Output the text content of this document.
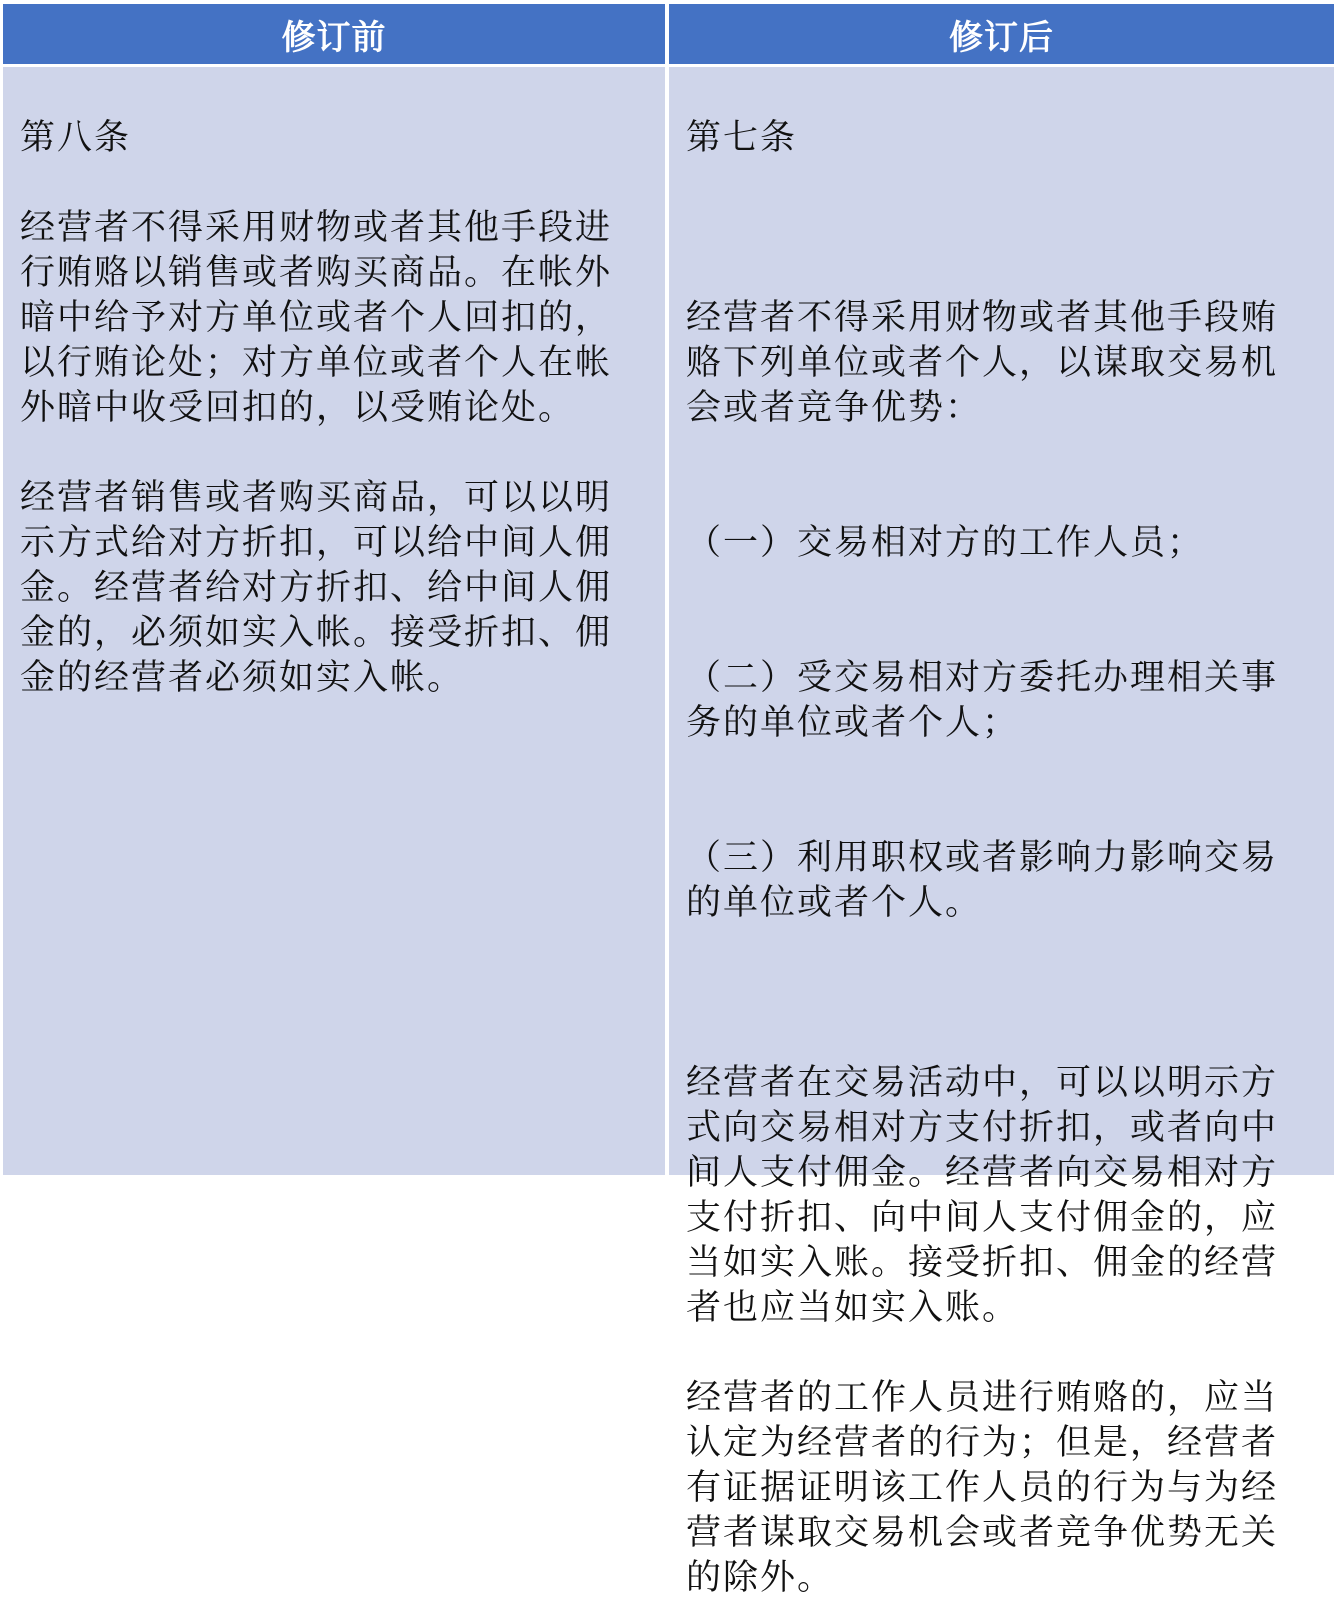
修订前	修订后

第八条

经营者不得采用财物或者其他手段进行贿赂以销售或者购买商品。在帐外暗中给予对方单位或者个人回扣的，以行贿论处；对方单位或者个人在帐外暗中收受回扣的，以受贿论处。

经营者销售或者购买商品，可以以明示方式给对方折扣，可以给中间人佣金。经营者给对方折扣、给中间人佣金的，必须如实入帐。接受折扣、佣金的经营者必须如实入帐。

第七条

经营者不得采用财物或者其他手段贿赂下列单位或者个人，以谋取交易机会或者竞争优势：

（一）交易相对方的工作人员；

（二）受交易相对方委托办理相关事务的单位或者个人；

（三）利用职权或者影响力影响交易的单位或者个人。

经营者在交易活动中，可以以明示方式向交易相对方支付折扣，或者向中间人支付佣金。经营者向交易相对方支付折扣、向中间人支付佣金的，应当如实入账。接受折扣、佣金的经营者也应当如实入账。

经营者的工作人员进行贿赂的，应当认定为经营者的行为；但是，经营者有证据证明该工作人员的行为与为经营者谋取交易机会或者竞争优势无关的除外。
